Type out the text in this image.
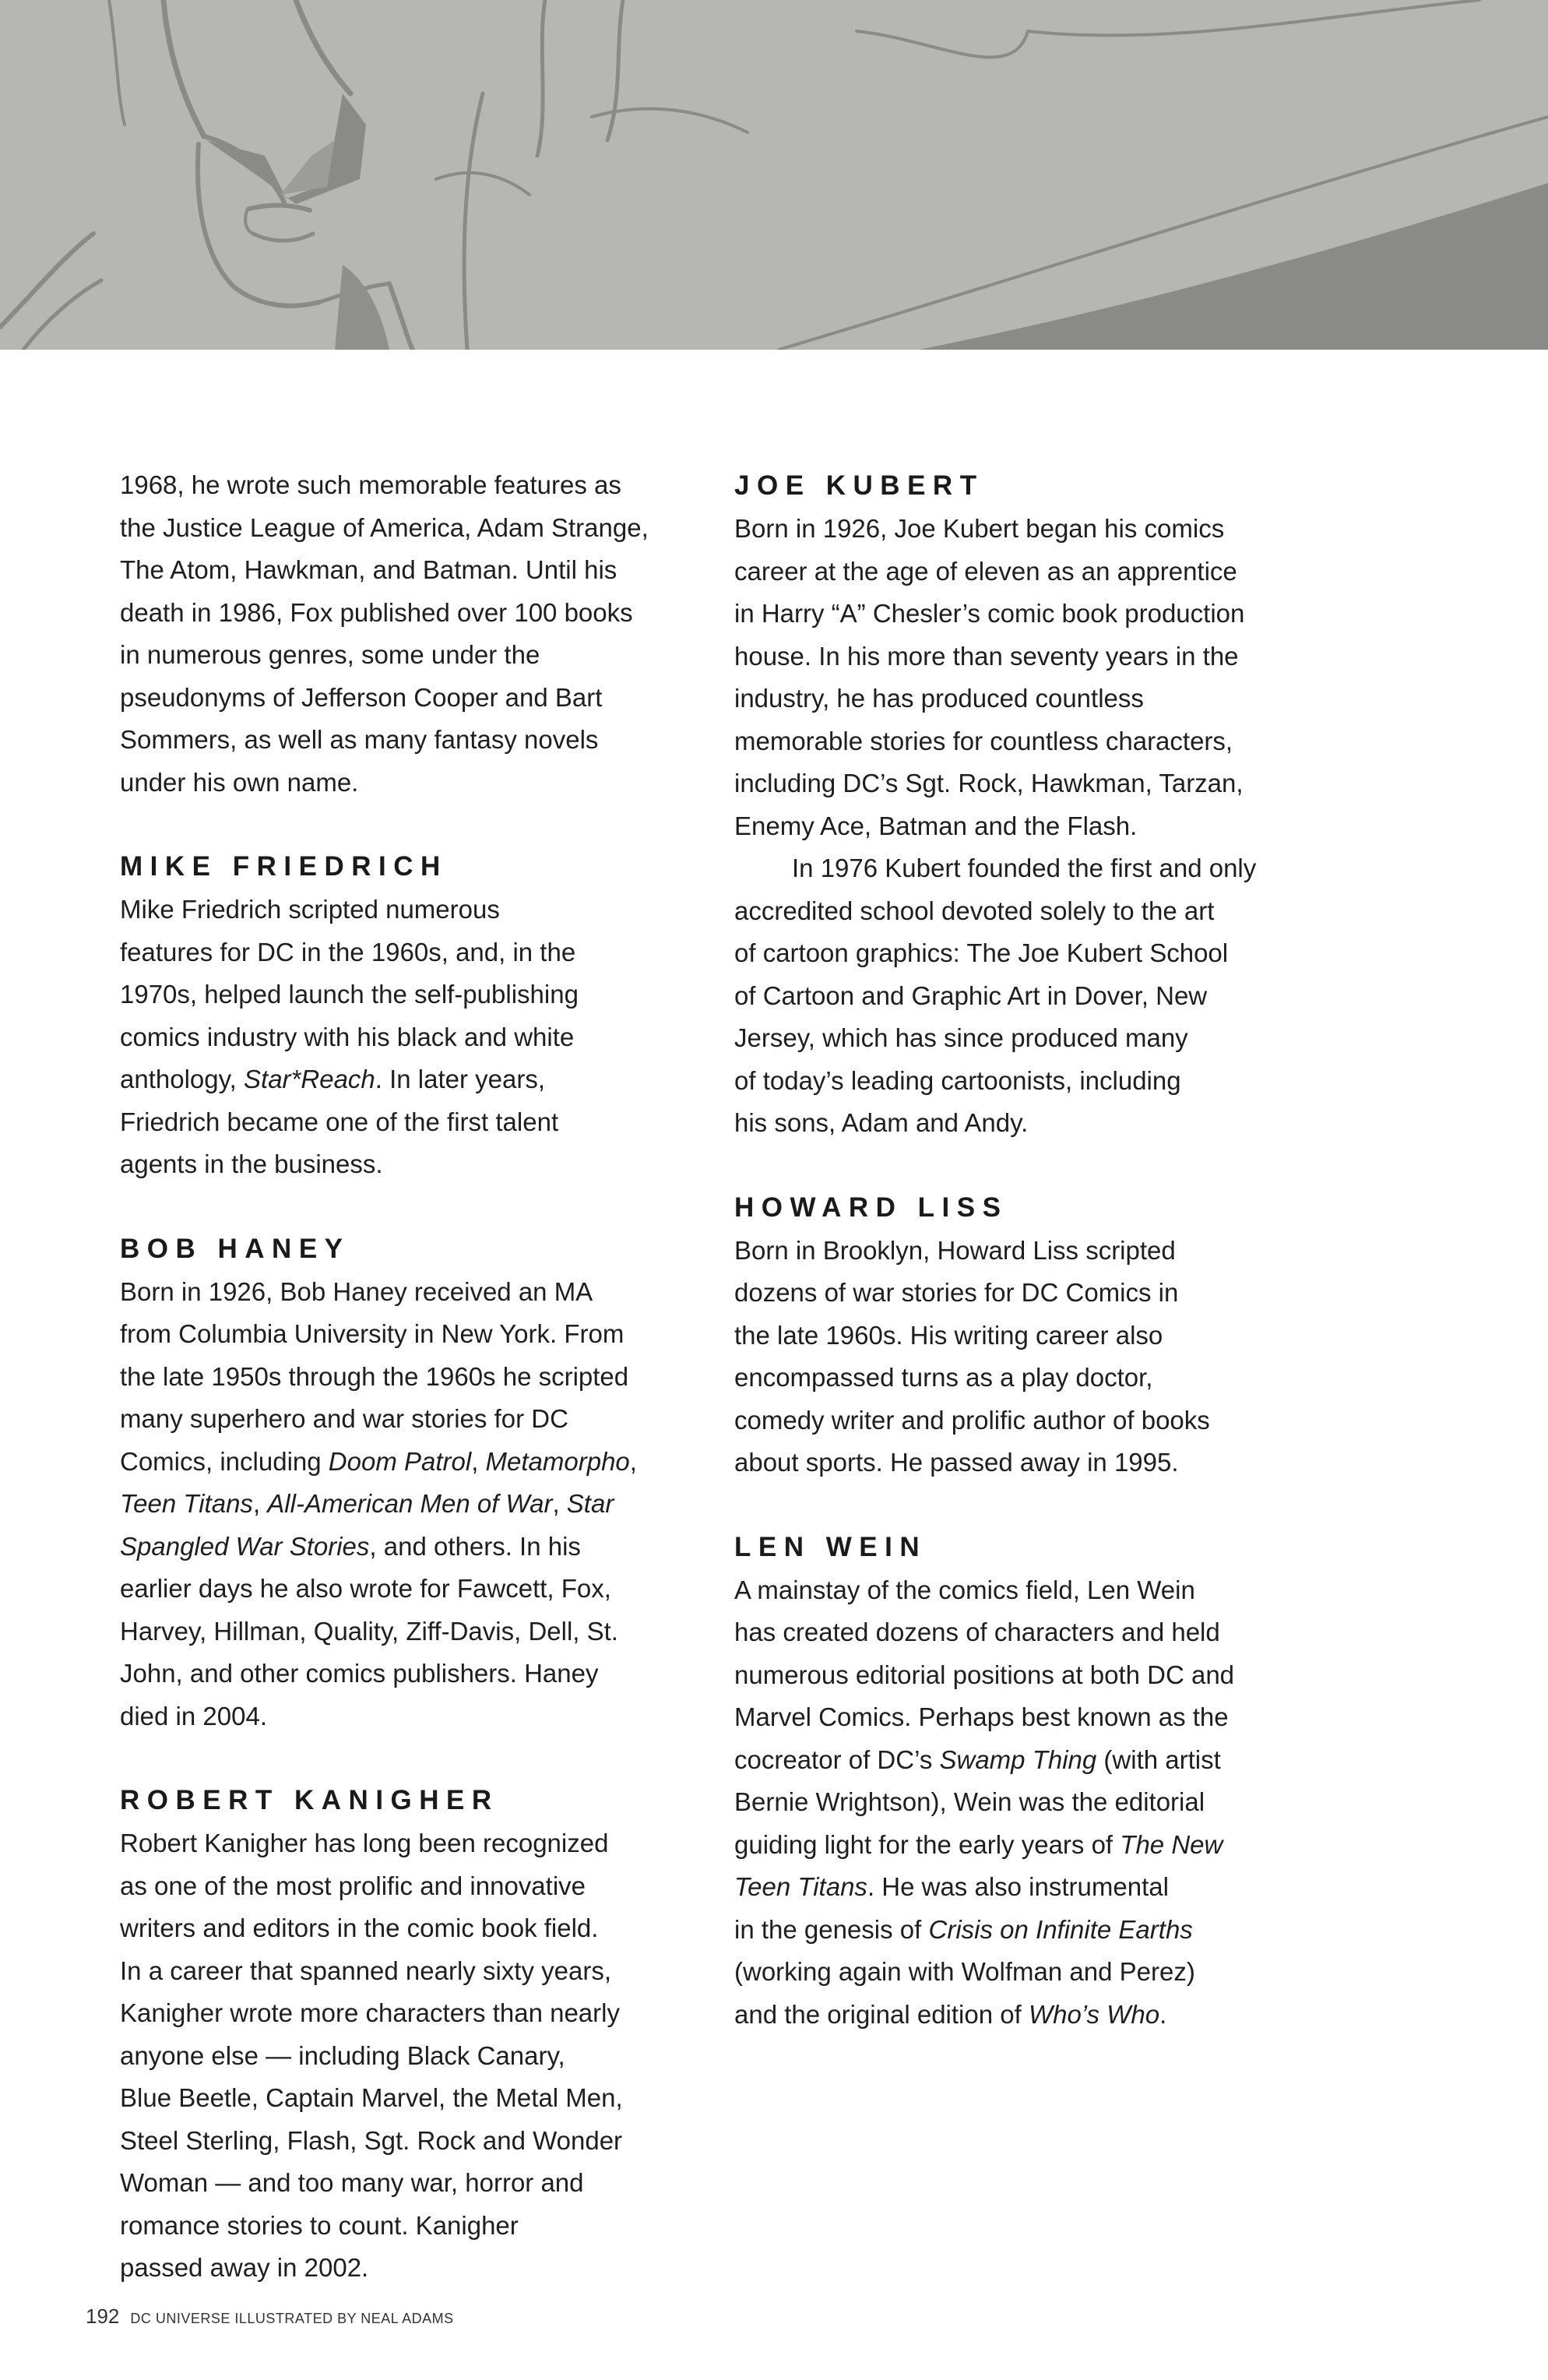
1968, he wrote such memorable features as

the Justice League of America, Adam Strange,

The Atom, Hawkman, and Batman. Until his

death in 1986, Fox published over 100 books

in numerous genres, some under the

pseudonyms of Jefferson Cooper and Bart

Sommers, as well as many fantasy novels

under his own name.

MIKE FRIEDRICH

Mike Friedrich scripted numerous

features for DC in the 1960s, and, in the

1970s, helped launch the self-publishing

comics industry with his black and white

anthology, Star*Reach. In later years,

Friedrich became one of the first talent

agents in the business.

BOB HANEY

Born in 1926, Bob Haney received an MA

from Columbia University in New York. From

the late 1950s through the 1960s he scripted

many superhero and war stories for DC

Comics, including Doom Patrol, Metamorpho,

Teen Titans, All-American Men of War, Star

Spangled War Stories, and others. In his

earlier days he also wrote for Fawcett, Fox,

Harvey, Hillman, Quality, Ziff-Davis, Dell, St.

John, and other comics publishers. Haney

died in 2004.

ROBERT KANIGHER

Robert Kanigher has long been recognized

as one of the most prolific and innovative

writers and editors in the comic book field.

In a career that spanned nearly sixty years,

Kanigher wrote more characters than nearly

anyone else — including Black Canary,

Blue Beetle, Captain Marvel, the Metal Men,

Steel Sterling, Flash, Sgt. Rock and Wonder

Woman — and too many war, horror and

romance stories to count. Kanigher

passed away in 2002.

JOE KUBERT

Born in 1926, Joe Kubert began his comics

career at the age of eleven as an apprentice

in Harry “A” Chesler’s comic book production

house. In his more than seventy years in the

industry, he has produced countless

memorable stories for countless characters,

including DC’s Sgt. Rock, Hawkman, Tarzan,

Enemy Ace, Batman and the Flash.

In 1976 Kubert founded the first and only

accredited school devoted solely to the art

of cartoon graphics: The Joe Kubert School

of Cartoon and Graphic Art in Dover, New

Jersey, which has since produced many

of today’s leading cartoonists, including

his sons, Adam and Andy.

HOWARD LISS

Born in Brooklyn, Howard Liss scripted

dozens of war stories for DC Comics in

the late 1960s. His writing career also

encompassed turns as a play doctor,

comedy writer and prolific author of books

about sports. He passed away in 1995.

LEN WEIN

A mainstay of the comics field, Len Wein

has created dozens of characters and held

numerous editorial positions at both DC and

Marvel Comics. Perhaps best known as the

cocreator of DC’s Swamp Thing (with artist

Bernie Wrightson), Wein was the editorial

guiding light for the early years of The New

Teen Titans. He was also instrumental

in the genesis of Crisis on Infinite Earths

(working again with Wolfman and Perez)

and the original edition of Who’s Who.

192 DC UNIVERSE ILLUSTRATED BY NEAL ADAMS
